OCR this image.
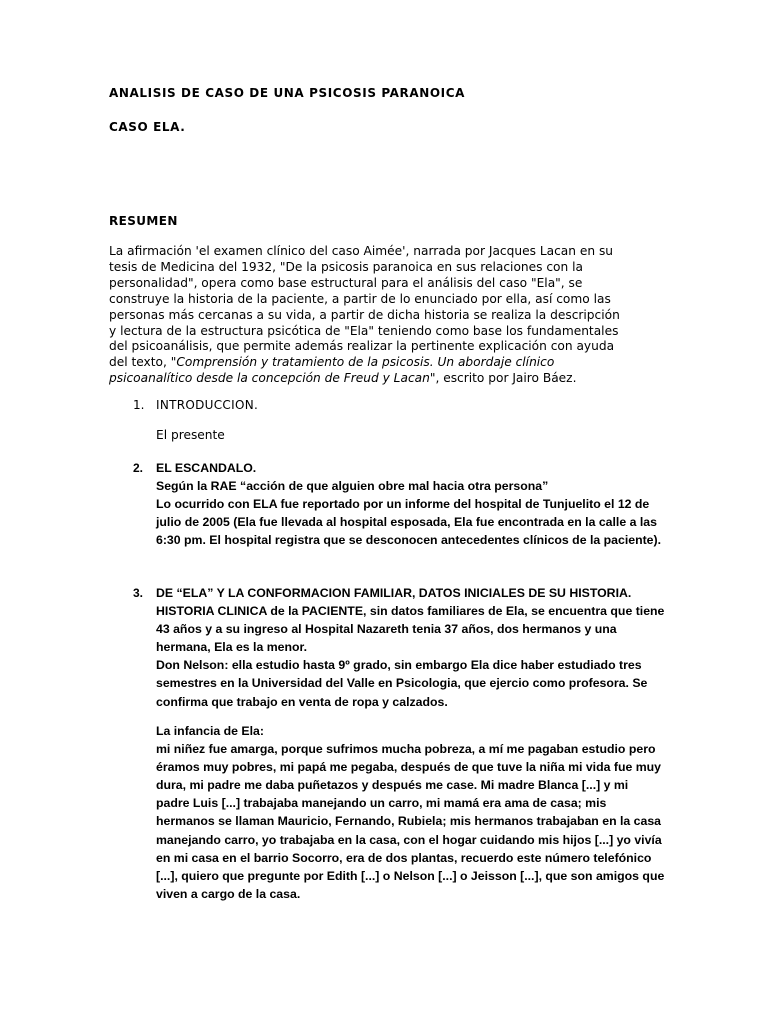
ANALISIS DE CASO DE UNA PSICOSIS PARANOICA
CASO ELA.
RESUMEN
La afirmación 'el examen clínico del caso Aimée', narrada por Jacques Lacan en su
tesis de Medicina del 1932, "De la psicosis paranoica en sus relaciones con la
personalidad", opera como base estructural para el análisis del caso "Ela", se
construye la historia de la paciente, a partir de lo enunciado por ella, así como las
personas más cercanas a su vida, a partir de dicha historia se realiza la descripción
y lectura de la estructura psicótica de "Ela" teniendo como base los fundamentales
del psicoanálisis, que permite además realizar la pertinente explicación con ayuda
del texto, "Comprensión y tratamiento de la psicosis. Un abordaje clínico
psicoanalítico desde la concepción de Freud y Lacan", escrito por Jairo Báez.
1. INTRODUCCION.
El presente
2. EL ESCANDALO.
Según la RAE “acción de que alguien obre mal hacia otra persona”
Lo ocurrido con ELA fue reportado por un informe del hospital de Tunjuelito el 12 de
julio de 2005 (Ela fue llevada al hospital esposada, Ela fue encontrada en la calle a las
6:30 pm. El hospital registra que se desconocen antecedentes clínicos de la paciente).
3. DE “ELA” Y LA CONFORMACION FAMILIAR, DATOS INICIALES DE SU HISTORIA.
HISTORIA CLINICA de la PACIENTE, sin datos familiares de Ela, se encuentra que tiene
43 años y a su ingreso al Hospital Nazareth tenia 37 años, dos hermanos y una
hermana, Ela es la menor.
Don Nelson: ella estudio hasta 9º grado, sin embargo Ela dice haber estudiado tres
semestres en la Universidad del Valle en Psicologia, que ejercio como profesora. Se
confirma que trabajo en venta de ropa y calzados.
La infancia de Ela:
mi niñez fue amarga, porque sufrimos mucha pobreza, a mí me pagaban estudio pero
éramos muy pobres, mi papá me pegaba, después de que tuve la niña mi vida fue muy
dura, mi padre me daba puñetazos y después me case. Mi madre Blanca [...] y mi
padre Luis [...] trabajaba manejando un carro, mi mamá era ama de casa; mis
hermanos se llaman Mauricio, Fernando, Rubiela; mis hermanos trabajaban en la casa
manejando carro, yo trabajaba en la casa, con el hogar cuidando mis hijos [...] yo vivía
en mi casa en el barrio Socorro, era de dos plantas, recuerdo este número telefónico
[...], quiero que pregunte por Edith [...] o Nelson [...] o Jeisson [...], que son amigos que
viven a cargo de la casa.
